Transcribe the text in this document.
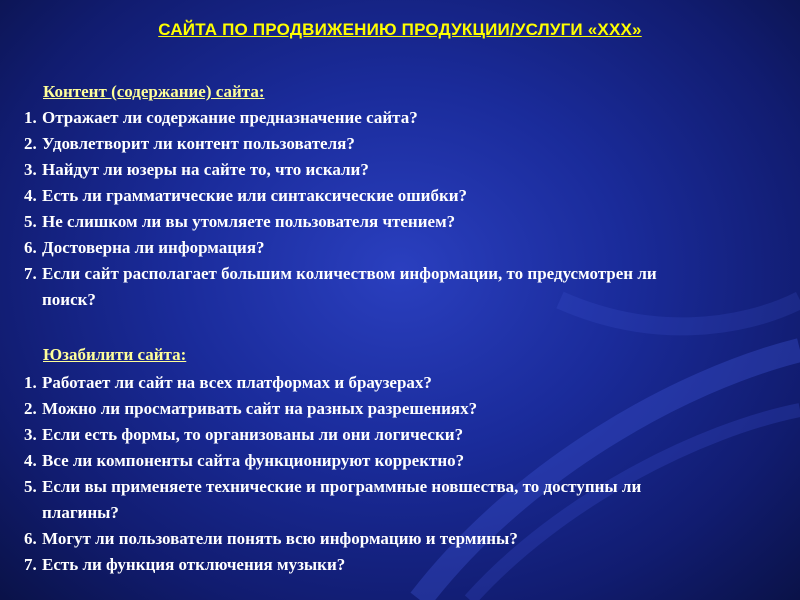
САЙТА ПО ПРОДВИЖЕНИЮ ПРОДУКЦИИ/УСЛУГИ «ХХХ»
Контент (содержание) сайта:
1. Отражает ли содержание предназначение сайта?
2. Удовлетворит ли контент пользователя?
3. Найдут ли юзеры на сайте то, что искали?
4. Есть ли грамматические или синтаксические ошибки?
5. Не слишком ли вы утомляете пользователя чтением?
6. Достоверна ли информация?
7. Если сайт располагает большим количеством информации, то предусмотрен ли поиск?
Юзабилити сайта:
1. Работает ли сайт на всех платформах и браузерах?
2. Можно ли просматривать сайт на разных разрешениях?
3. Если есть формы, то организованы ли они логически?
4. Все ли компоненты сайта функционируют корректно?
5. Если вы применяете технические и программные новшества, то доступны ли плагины?
6. Могут ли пользователи понять всю информацию и термины?
7. Есть ли функция отключения музыки?
